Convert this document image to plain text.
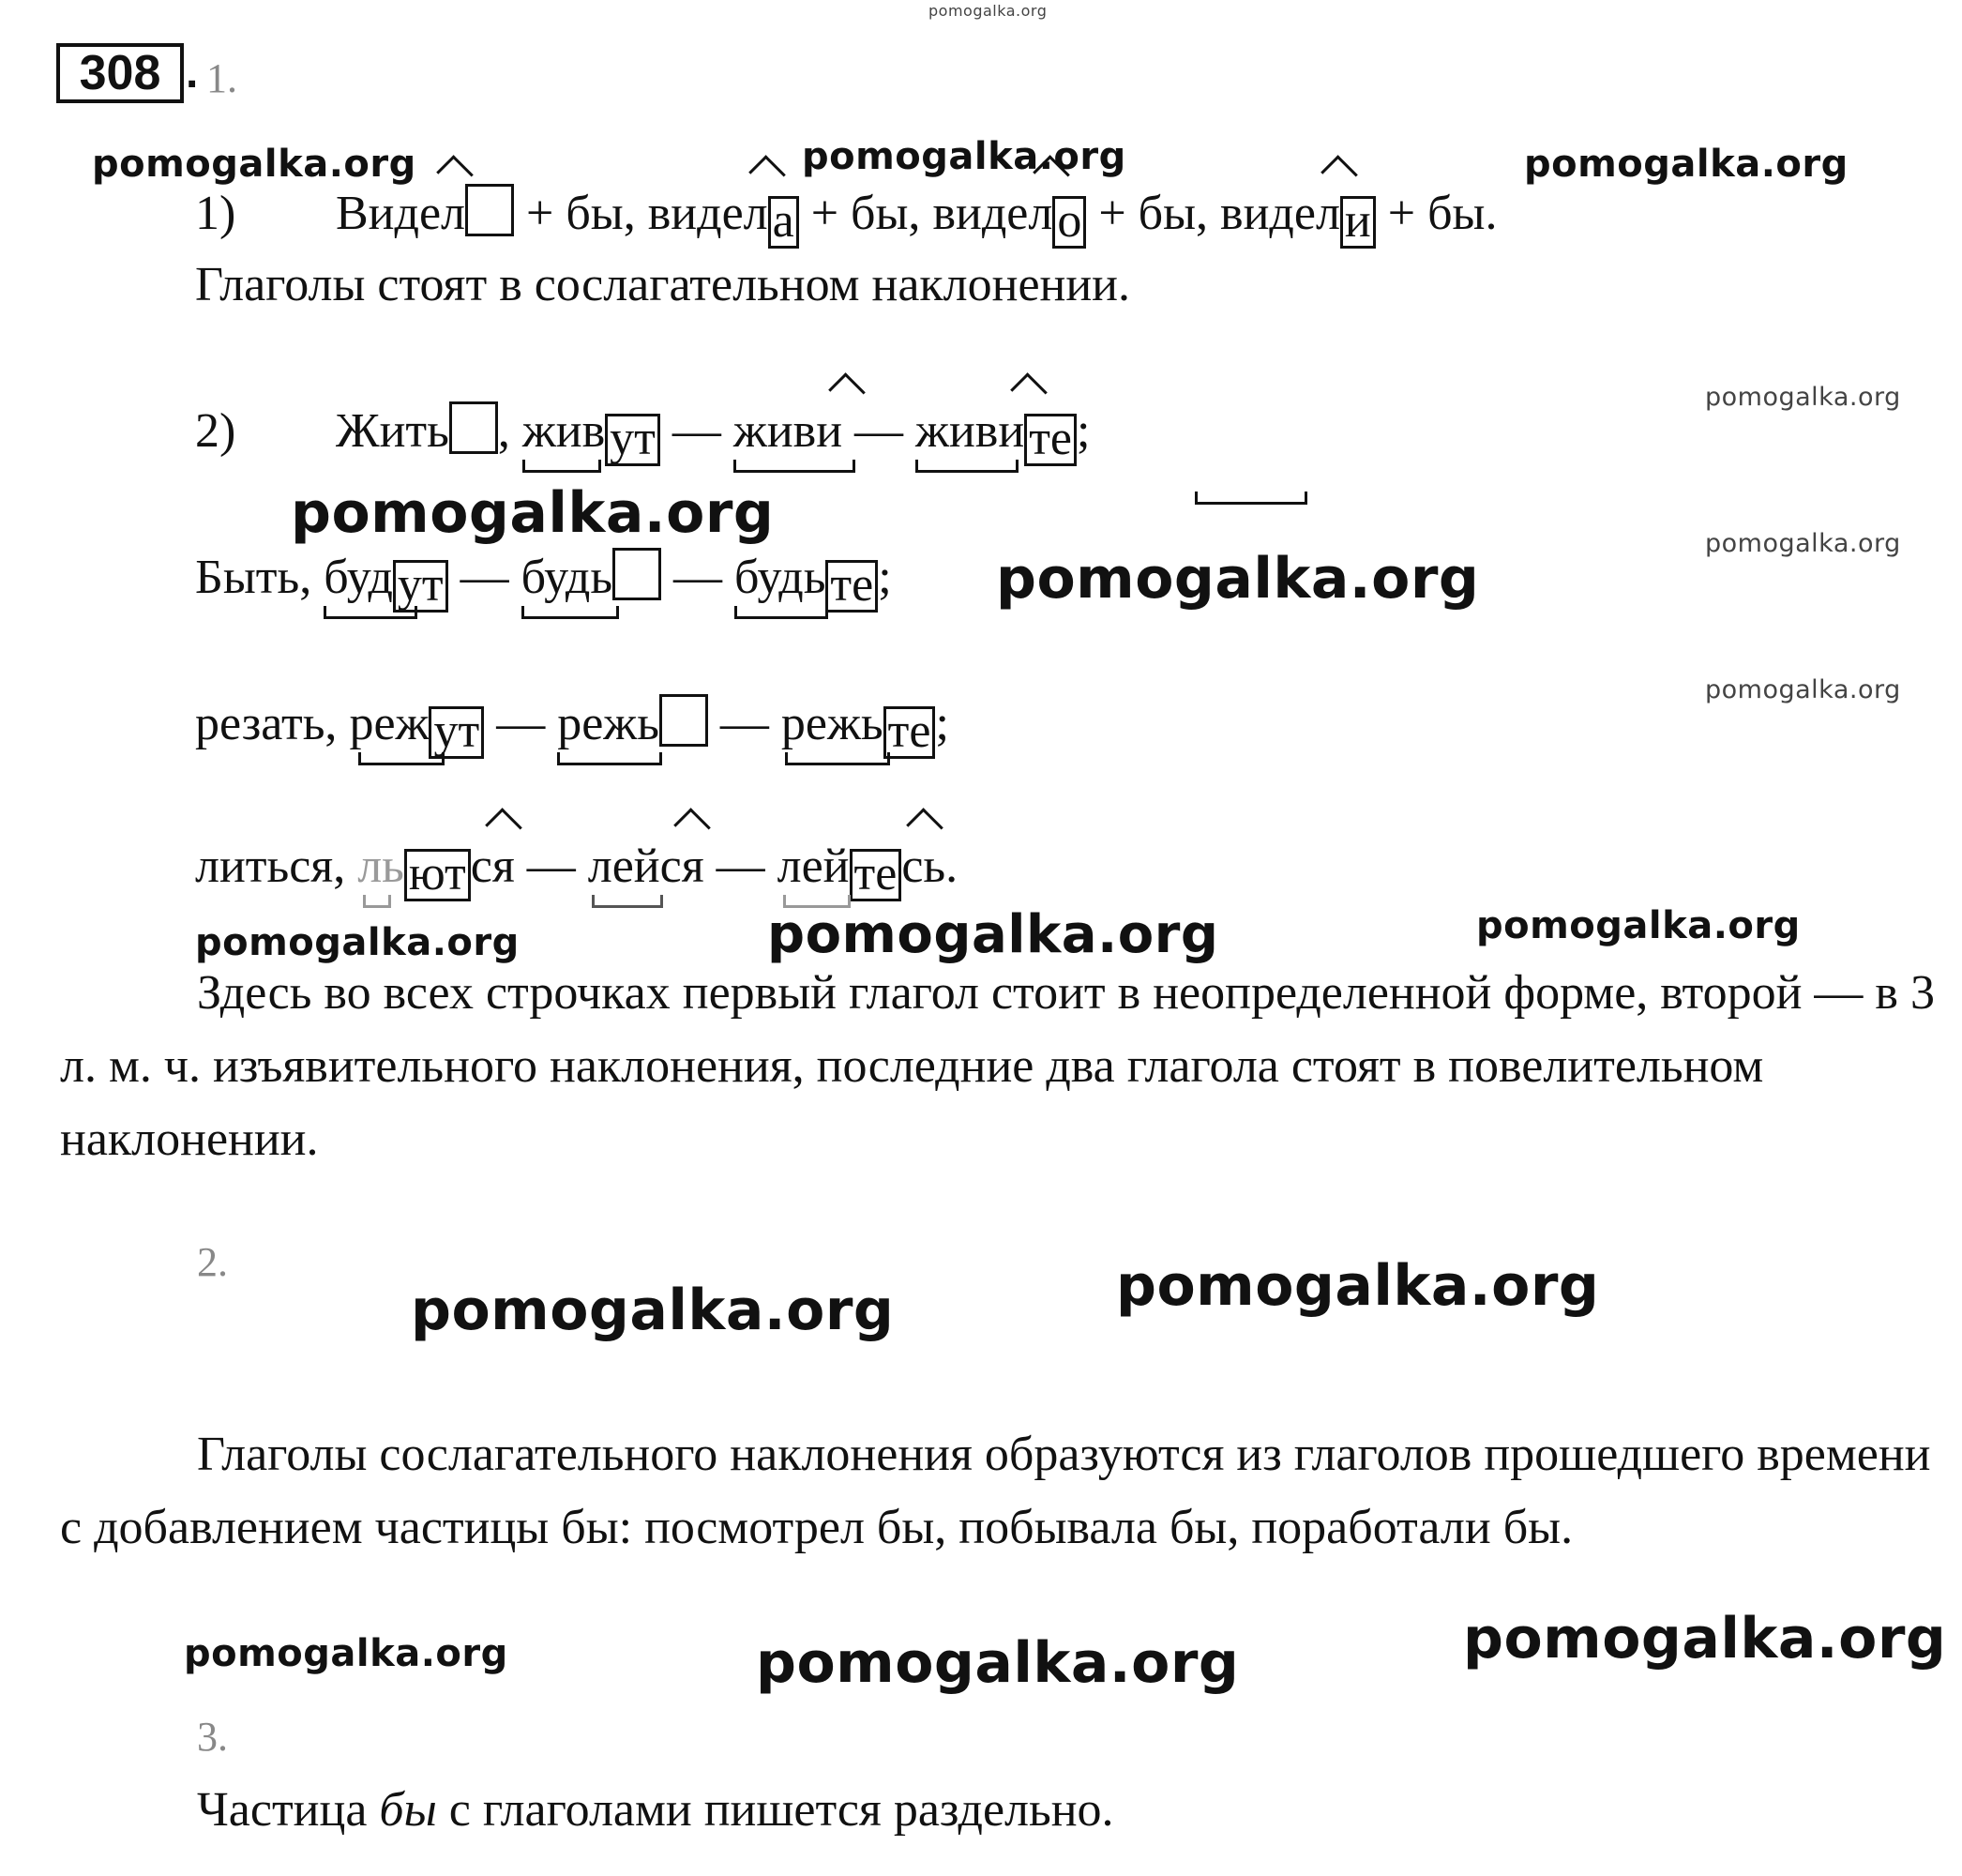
pomogalka.org
308 . 1.
pomogalka.org	pomogalka.org	pomogalka.org
1) Видел + бы, видел
а + бы, видел
о + бы, видел
и + бы.
Глаголы стоят в сослагательном наклонении.
pomogalka.org
2) Жить , жив
ут — живи — живи
те;
pomogalka.org	pomogalka.org
Быть, буд
ут — будь — будь
те; pomogalka.org
pomogalka.org
резать, реж
ут — режь — режь
те;
литься, ль
ются — лейся — лей
тесь.
pomogalka.org	pomogalka.org	pomogalka.org
Здесь во всех строчках первый глагол стоит в неопределенной форме, второй — в 3 л. м. ч. изъявительного наклонения, последние два глагола стоят в повелительном наклонении.
2.
pomogalka.org	pomogalka.org
Глаголы сослагательного наклонения образуются из глаголов прошедшего времени с добавлением частицы бы: посмотрел бы, побывала бы, поработали бы.
pomogalka.org	pomogalka.org	pomogalka.org
3.
Частица бы с глаголами пишется раздельно.
